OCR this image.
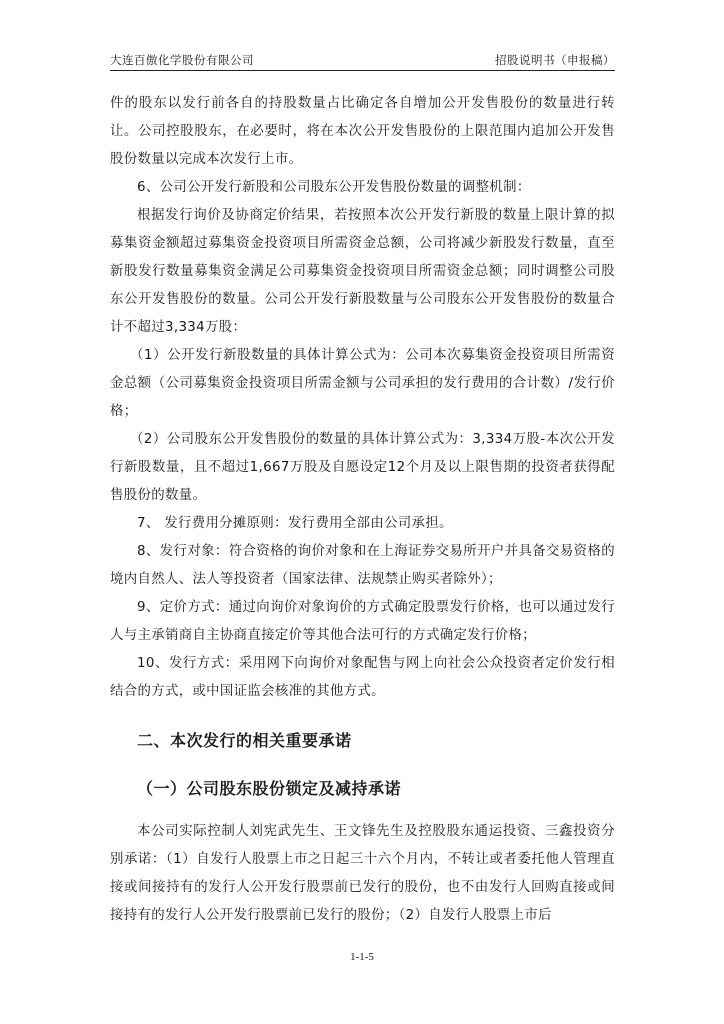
大连百傲化学股份有限公司	招股说明书（申报稿）

件的股东以发行前各自的持股数量占比确定各自增加公开发售股份的数量进行转让。公司控股股东，在必要时，将在本次公开发售股份的上限范围内追加公开发售股份数量以完成本次发行上市。

6、公司公开发行新股和公司股东公开发售股份数量的调整机制：

根据发行询价及协商定价结果，若按照本次公开发行新股的数量上限计算的拟募集资金额超过募集资金投资项目所需资金总额，公司将减少新股发行数量，直至新股发行数量募集资金满足公司募集资金投资项目所需资金总额；同时调整公司股东公开发售股份的数量。公司公开发行新股数量与公司股东公开发售股份的数量合计不超过3,334万股：

（1）公开发行新股数量的具体计算公式为：公司本次募集资金投资项目所需资金总额（公司募集资金投资项目所需金额与公司承担的发行费用的合计数）/发行价格；

（2）公司股东公开发售股份的数量的具体计算公式为：3,334万股-本次公开发行新股数量，且不超过1,667万股及自愿设定12个月及以上限售期的投资者获得配售股份的数量。

7、 发行费用分摊原则：发行费用全部由公司承担。

8、发行对象：符合资格的询价对象和在上海证券交易所开户并具备交易资格的境内自然人、法人等投资者（国家法律、法规禁止购买者除外）；

9、定价方式：通过向询价对象询价的方式确定股票发行价格，也可以通过发行人与主承销商自主协商直接定价等其他合法可行的方式确定发行价格；

10、发行方式：采用网下向询价对象配售与网上向社会公众投资者定价发行相结合的方式，或中国证监会核准的其他方式。

二、本次发行的相关重要承诺
（一）公司股东股份锁定及减持承诺

本公司实际控制人刘宪武先生、王文锋先生及控股股东通运投资、三鑫投资分别承诺：（1）自发行人股票上市之日起三十六个月内，不转让或者委托他人管理直接或间接持有的发行人公开发行股票前已发行的股份，也不由发行人回购直接或间接持有的发行人公开发行股票前已发行的股份；（2）自发行人股票上市后

1-1-5
